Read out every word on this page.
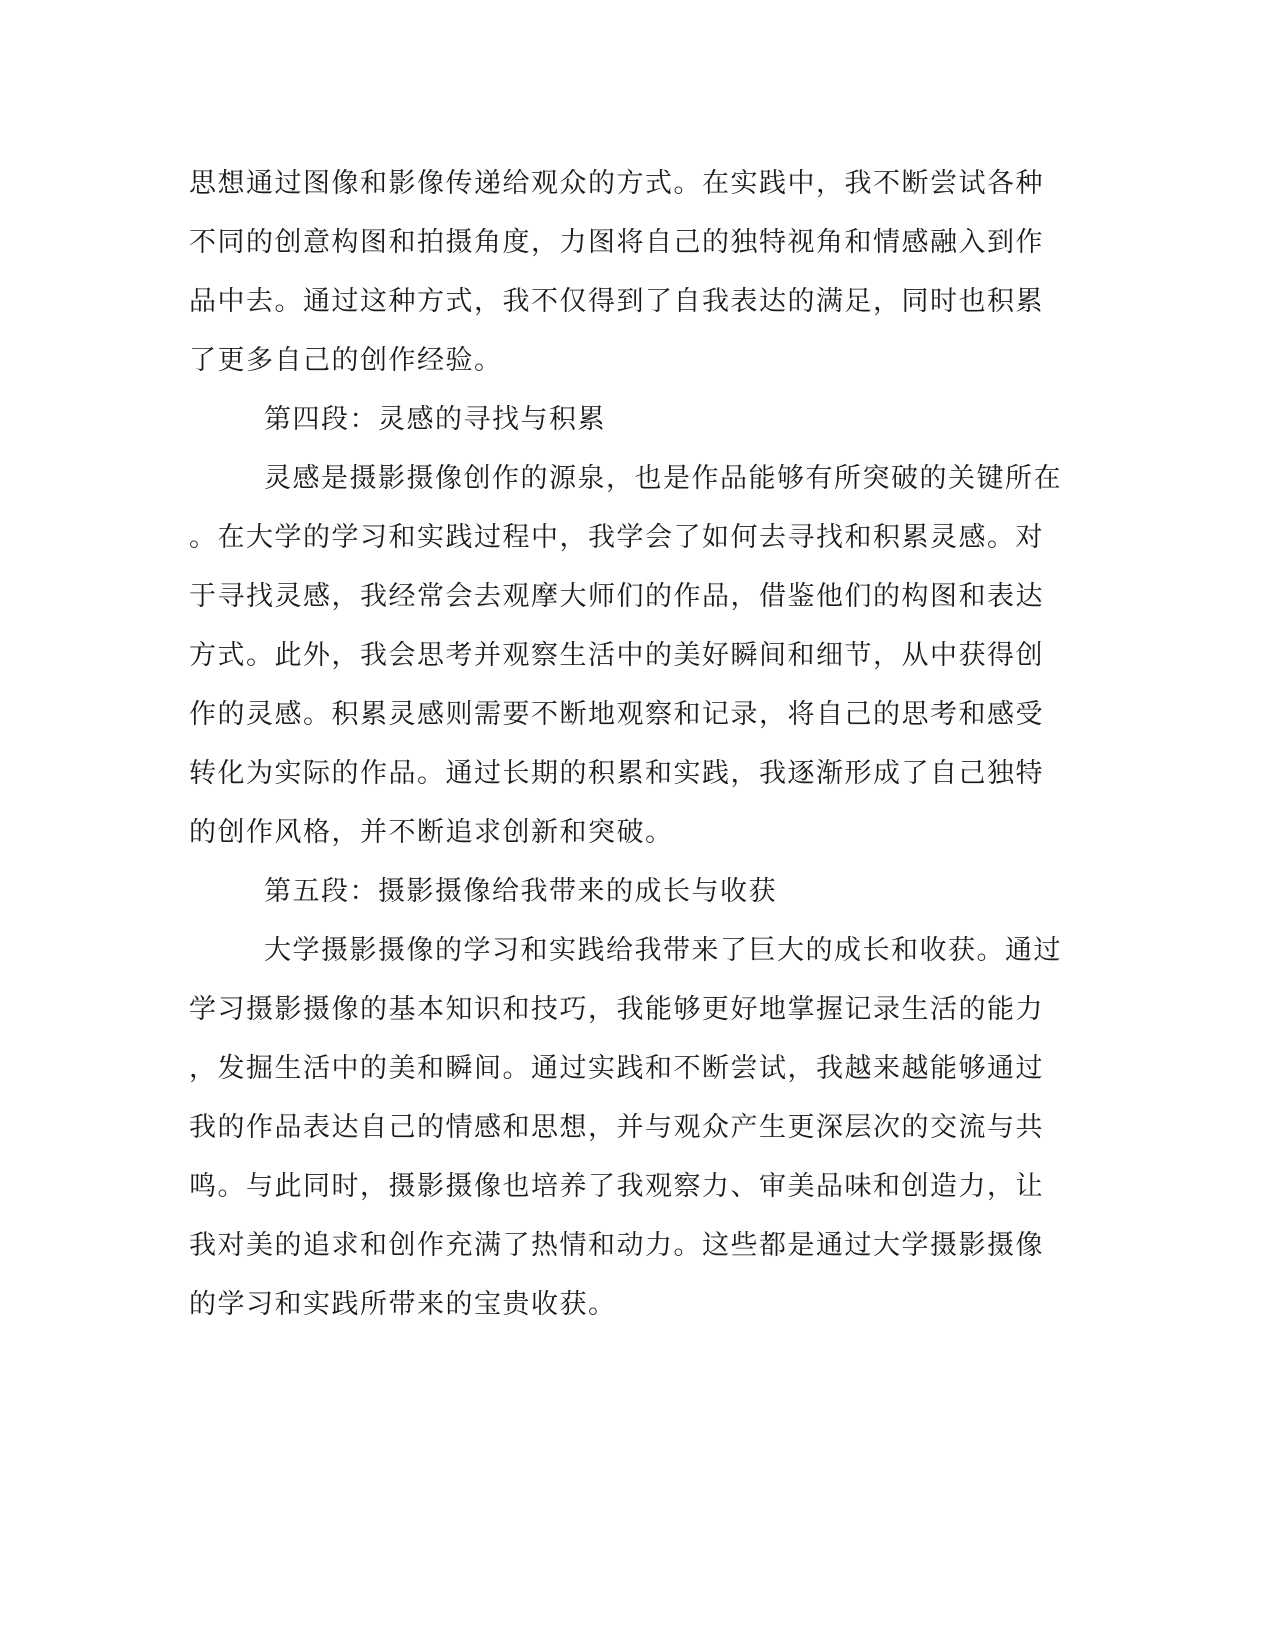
思想通过图像和影像传递给观众的方式。在实践中，我不断尝试各种
不同的创意构图和拍摄角度，力图将自己的独特视角和情感融入到作
品中去。通过这种方式，我不仅得到了自我表达的满足，同时也积累
了更多自己的创作经验。
第四段：灵感的寻找与积累
灵感是摄影摄像创作的源泉，也是作品能够有所突破的关键所在
。在大学的学习和实践过程中，我学会了如何去寻找和积累灵感。对
于寻找灵感，我经常会去观摩大师们的作品，借鉴他们的构图和表达
方式。此外，我会思考并观察生活中的美好瞬间和细节，从中获得创
作的灵感。积累灵感则需要不断地观察和记录，将自己的思考和感受
转化为实际的作品。通过长期的积累和实践，我逐渐形成了自己独特
的创作风格，并不断追求创新和突破。
第五段：摄影摄像给我带来的成长与收获
大学摄影摄像的学习和实践给我带来了巨大的成长和收获。通过
学习摄影摄像的基本知识和技巧，我能够更好地掌握记录生活的能力
，发掘生活中的美和瞬间。通过实践和不断尝试，我越来越能够通过
我的作品表达自己的情感和思想，并与观众产生更深层次的交流与共
鸣。与此同时，摄影摄像也培养了我观察力、审美品味和创造力，让
我对美的追求和创作充满了热情和动力。这些都是通过大学摄影摄像
的学习和实践所带来的宝贵收获。
